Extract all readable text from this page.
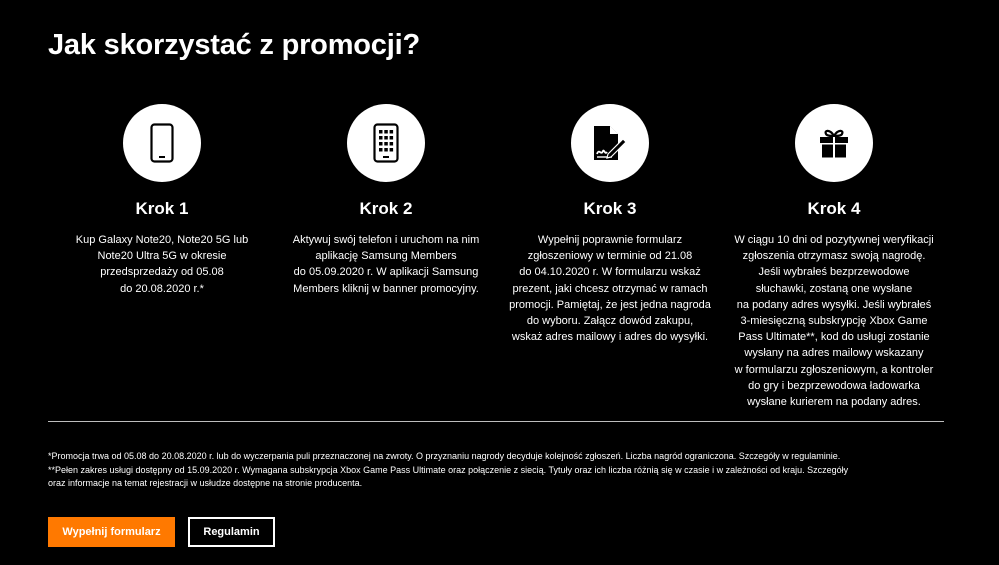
Jak skorzystać z promocji?
Krok 1
Kup Galaxy Note20, Note20 5G lub
Note20 Ultra 5G w okresie
przedsprzedaży od 05.08
do 20.08.2020 r.*
Krok 2
Aktywuj swój telefon i uruchom na nim
aplikację Samsung Members
do 05.09.2020 r. W aplikacji Samsung
Members kliknij w banner promocyjny.
Krok 3
Wypełnij poprawnie formularz
zgłoszeniowy w terminie od 21.08
do 04.10.2020 r. W formularzu wskaż
prezent, jaki chcesz otrzymać w ramach
promocji. Pamiętaj, że jest jedna nagroda
do wyboru. Załącz dowód zakupu,
wskaż adres mailowy i adres do wysyłki.
Krok 4
W ciągu 10 dni od pozytywnej weryfikacji
zgłoszenia otrzymasz swoją nagrodę.
Jeśli wybrałeś bezprzewodowe
słuchawki, zostaną one wysłane
na podany adres wysyłki. Jeśli wybrałeś
3-miesięczną subskrypcję Xbox Game
Pass Ultimate**, kod do usługi zostanie
wysłany na adres mailowy wskazany
w formularzu zgłoszeniowym, a kontroler
do gry i bezprzewodowa ładowarka
wysłane kurierem na podany adres.

*Promocja trwa od 05.08 do 20.08.2020 r. lub do wyczerpania puli przeznaczonej na zwroty. O przyznaniu nagrody decyduje kolejność zgłoszeń. Liczba nagród ograniczona. Szczegóły w regulaminie.

**Pełen zakres usługi dostępny od 15.09.2020 r. Wymagana subskrypcja Xbox Game Pass Ultimate oraz połączenie z siecią. Tytuły oraz ich liczba różnią się w czasie i w zależności od kraju. Szczegóły

oraz informacje na temat rejestracji w usłudze dostępne na stronie producenta.

Wypełnij formularz	Regulamin
